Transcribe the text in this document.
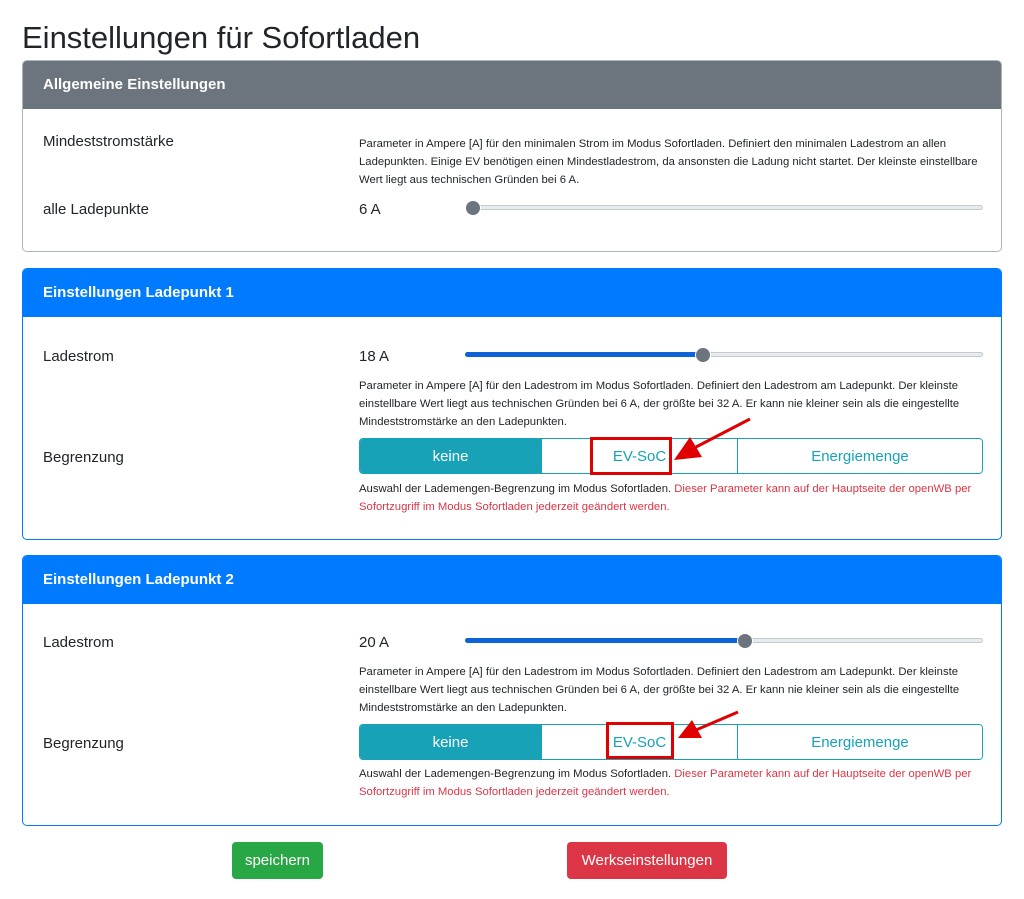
Einstellungen für Sofortladen
Allgemeine Einstellungen
Mindeststromstärke	Parameter in Ampere [A] für den minimalen Strom im Modus Sofortladen. Definiert den minimalen Ladestrom an allen Ladepunkten. Einige EV benötigen einen Mindestladestrom, da ansonsten die Ladung nicht startet. Der kleinste einstellbare Wert liegt aus technischen Gründen bei 6 A.
alle Ladepunkte	6 A
Einstellungen Ladepunkt 1
Ladestrom	18 A
Parameter in Ampere [A] für den Ladestrom im Modus Sofortladen. Definiert den Ladestrom am Ladepunkt. Der kleinste einstellbare Wert liegt aus technischen Gründen bei 6 A, der größte bei 32 A. Er kann nie kleiner sein als die eingestellte Mindeststromstärke an den Ladepunkten.
Begrenzung	keine	EV-SoC	Energiemenge
Auswahl der Lademengen-Begrenzung im Modus Sofortladen. Dieser Parameter kann auf der Hauptseite der openWB per Sofortzugriff im Modus Sofortladen jederzeit geändert werden.
Einstellungen Ladepunkt 2
Ladestrom	20 A
Parameter in Ampere [A] für den Ladestrom im Modus Sofortladen. Definiert den Ladestrom am Ladepunkt. Der kleinste einstellbare Wert liegt aus technischen Gründen bei 6 A, der größte bei 32 A. Er kann nie kleiner sein als die eingestellte Mindeststromstärke an den Ladepunkten.
Begrenzung	keine	EV-SoC	Energiemenge
Auswahl der Lademengen-Begrenzung im Modus Sofortladen. Dieser Parameter kann auf der Hauptseite der openWB per Sofortzugriff im Modus Sofortladen jederzeit geändert werden.
speichern	Werkseinstellungen
